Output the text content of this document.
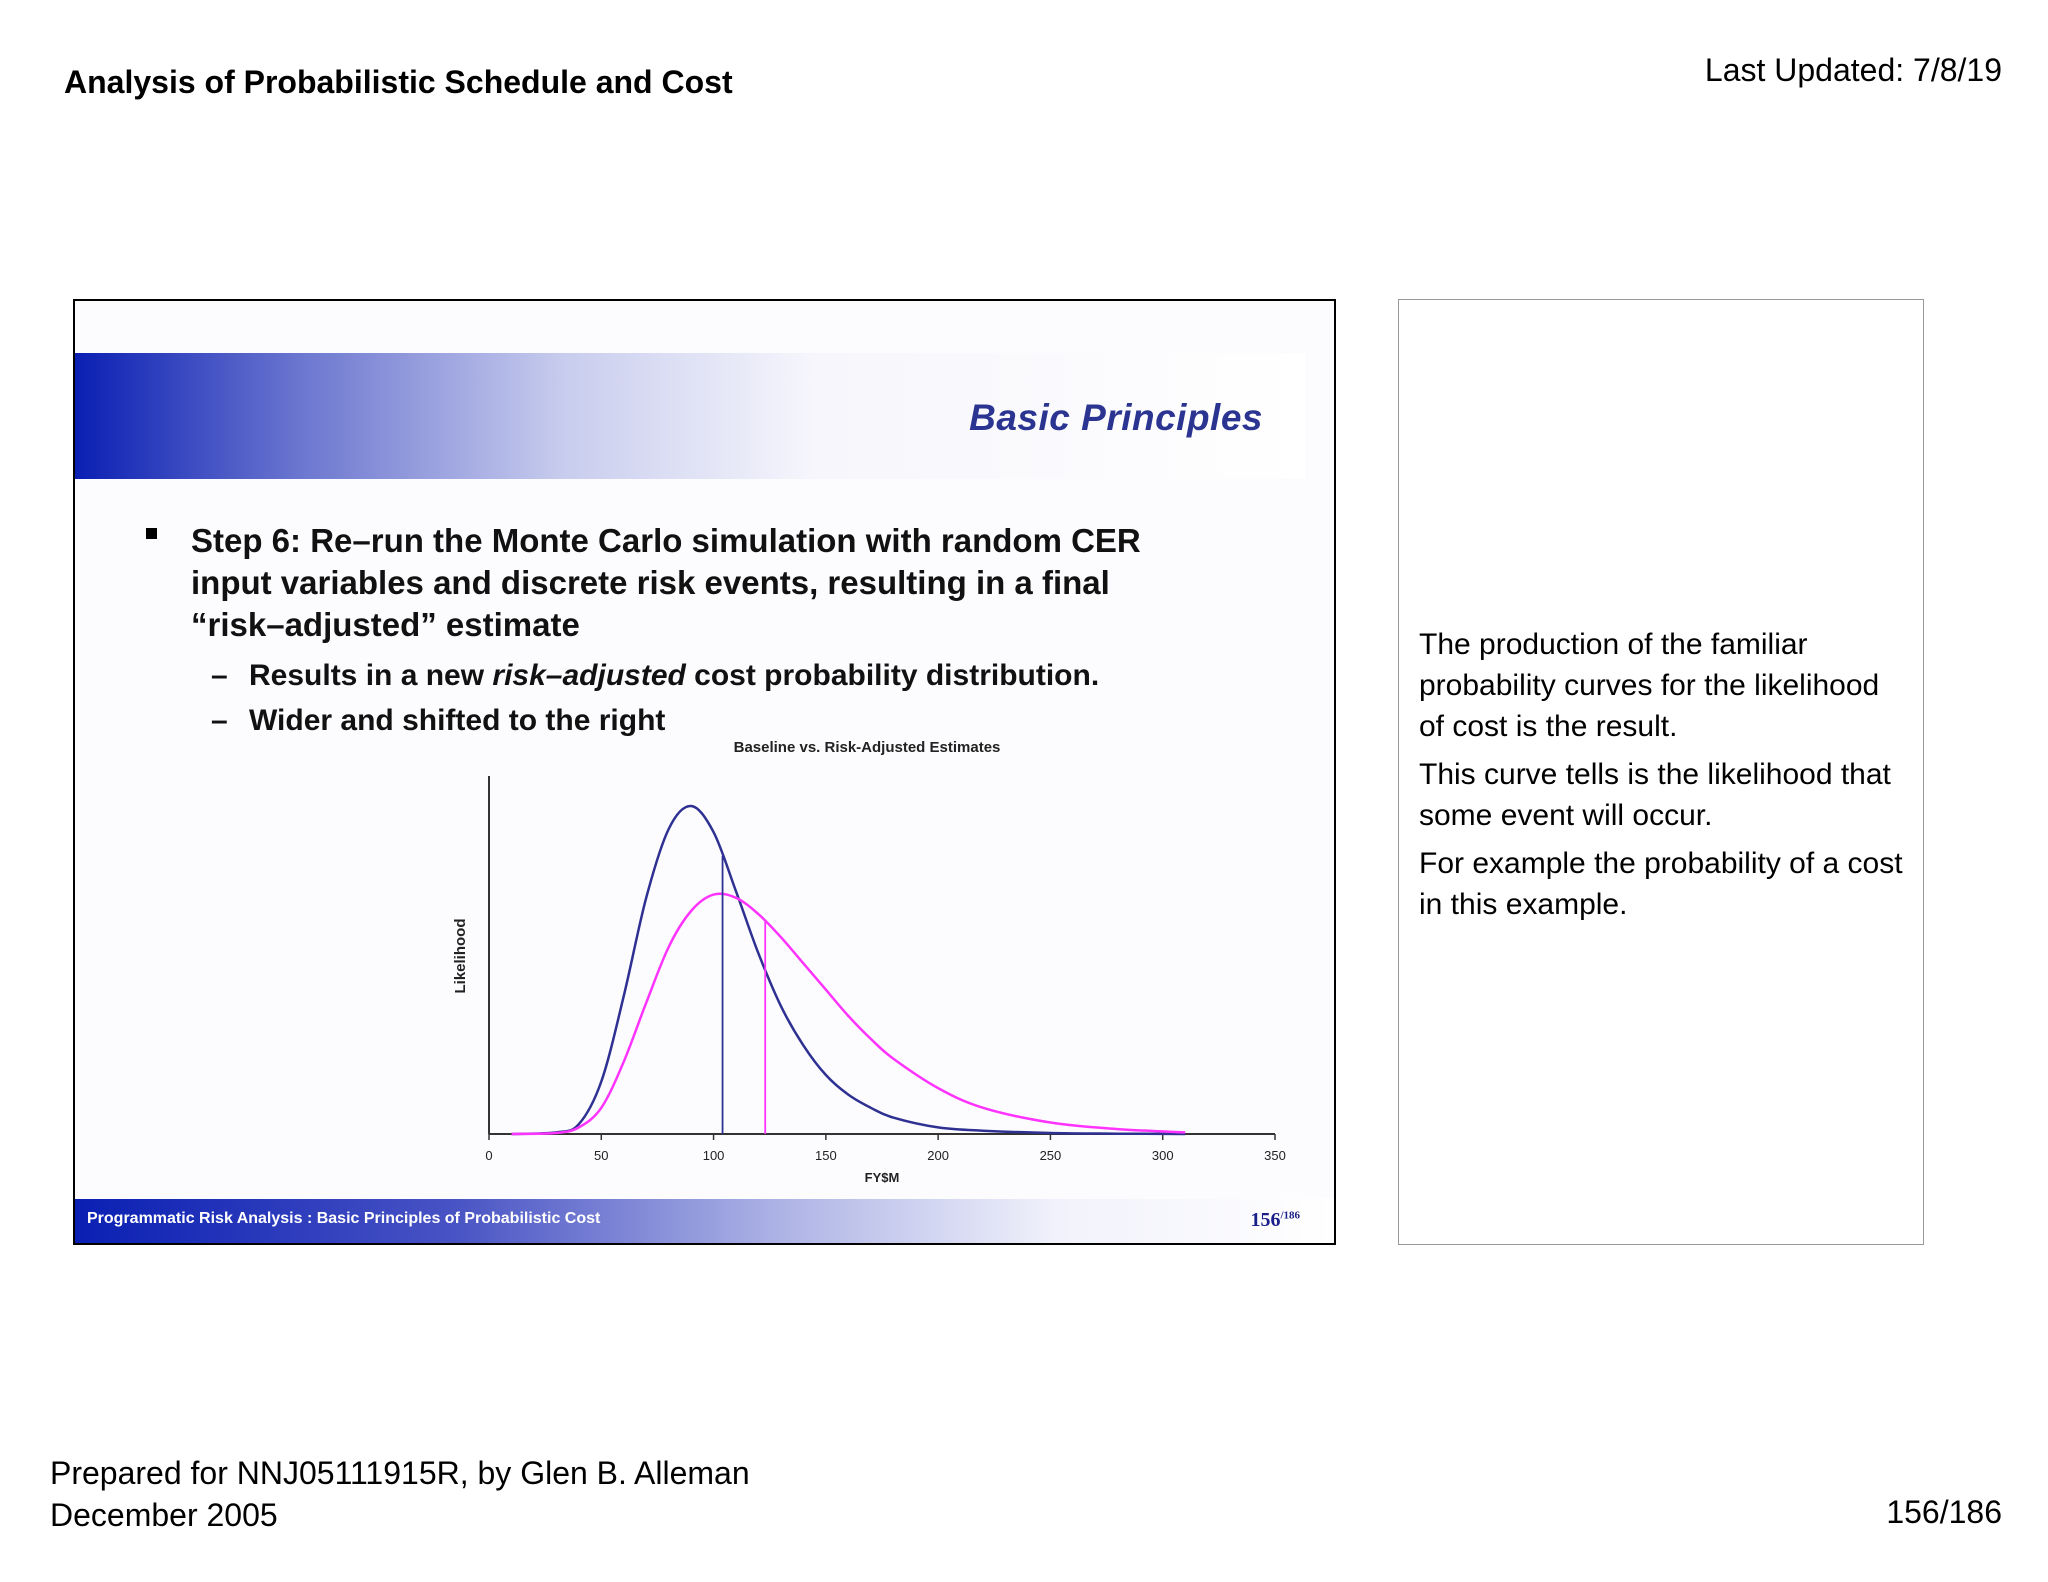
Analysis of Probabilistic Schedule and Cost	Last Updated: 7/8/19
Basic Principles
Step 6: Re–run the Monte Carlo simulation with random CER input variables and discrete risk events, resulting in a final “risk–adjusted” estimate
– Results in a new risk–adjusted cost probability distribution.
– Wider and shifted to the right
Baseline vs. Risk-Adjusted Estimates
0	50	100	150	200	250	300	350
FY$M
Likelihood
Programmatic Risk Analysis : Basic Principles of Probabilistic Cost	$156^{/186}$

The production of the familiar probability curves for the likelihood of cost is the result.

This curve tells is the likelihood that some event will occur.

For example the probability of a cost in this example.

Prepared for NNJ05111915R, by Glen B. Alleman
December 2005	156/186
